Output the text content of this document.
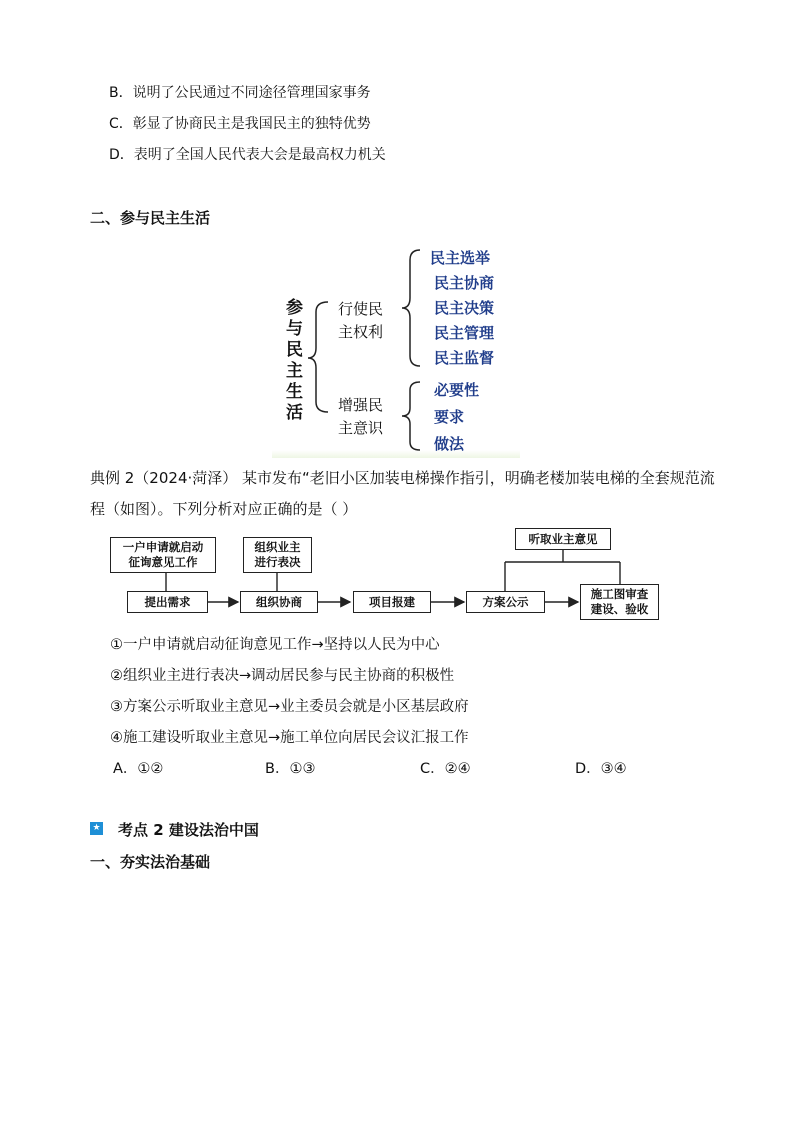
B．说明了公民通过不同途径管理国家事务
C．彰显了协商民主是我国民主的独特优势
D．表明了全国人民代表大会是最高权力机关
二、参与民主生活
参
与
民
主
生
活
行使民
主权利
增强民
主意识
民主选举
民主协商
民主决策
民主管理
民主监督
必要性
要求
做法
典例 2（2024·菏泽） 某市发布“老旧小区加装电梯操作指引，明确老楼加装电梯的全套规范流
程（如图）。下列分析对应正确的是（ ）
一户申请就启动
征询意见工作
组织业主
进行表决
听取业主意见
提出需求	组织协商	项目报建	方案公示
施工图审查
建设、验收
①一户申请就启动征询意见工作→坚持以人民为中心
②组织业主进行表决→调动居民参与民主协商的积极性
③方案公示听取业主意见→业主委员会就是小区基层政府
④施工建设听取业主意见→施工单位向居民会议汇报工作
A．①②	B．①③	C．②④	D．③④
★ 考点 2 建设法治中国
一、夯实法治基础
